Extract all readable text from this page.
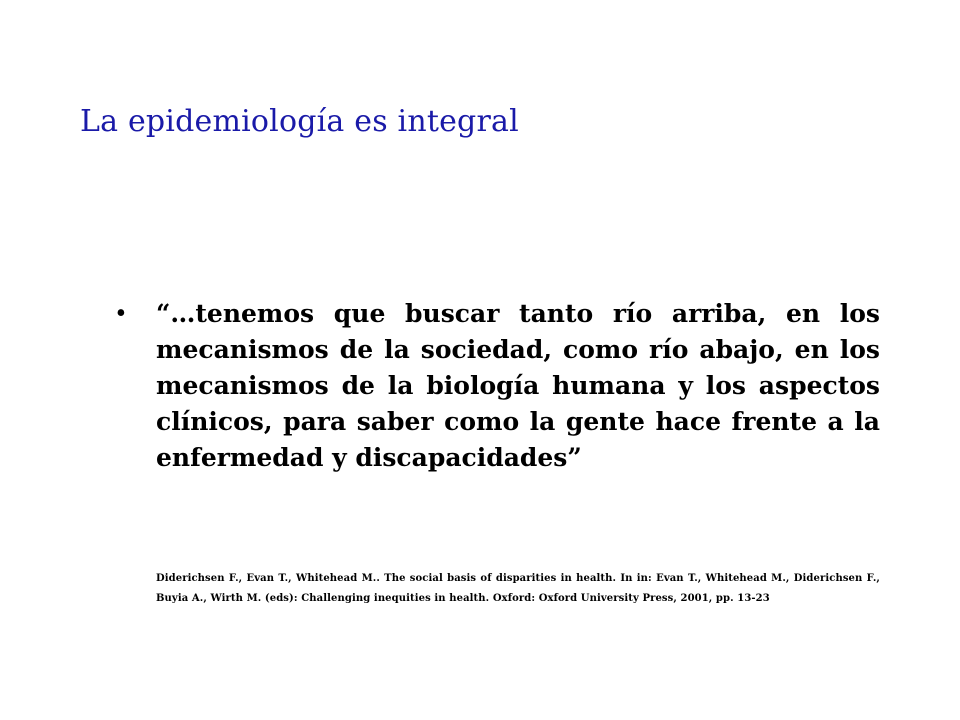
La epidemiología es integral
• “…tenemos que buscar tanto río arriba, en los mecanismos de la sociedad, como río abajo, en los mecanismos de la biología humana y los aspectos clínicos, para saber como la gente hace frente a la enfermedad y discapacidades”

Diderichsen F., Evan T., Whitehead M.. The social basis of disparities in health. In in: Evan T., Whitehead M., Diderichsen F., Buyia A., Wirth M. (eds): Challenging inequities in health. Oxford: Oxford University Press, 2001, pp. 13-23
